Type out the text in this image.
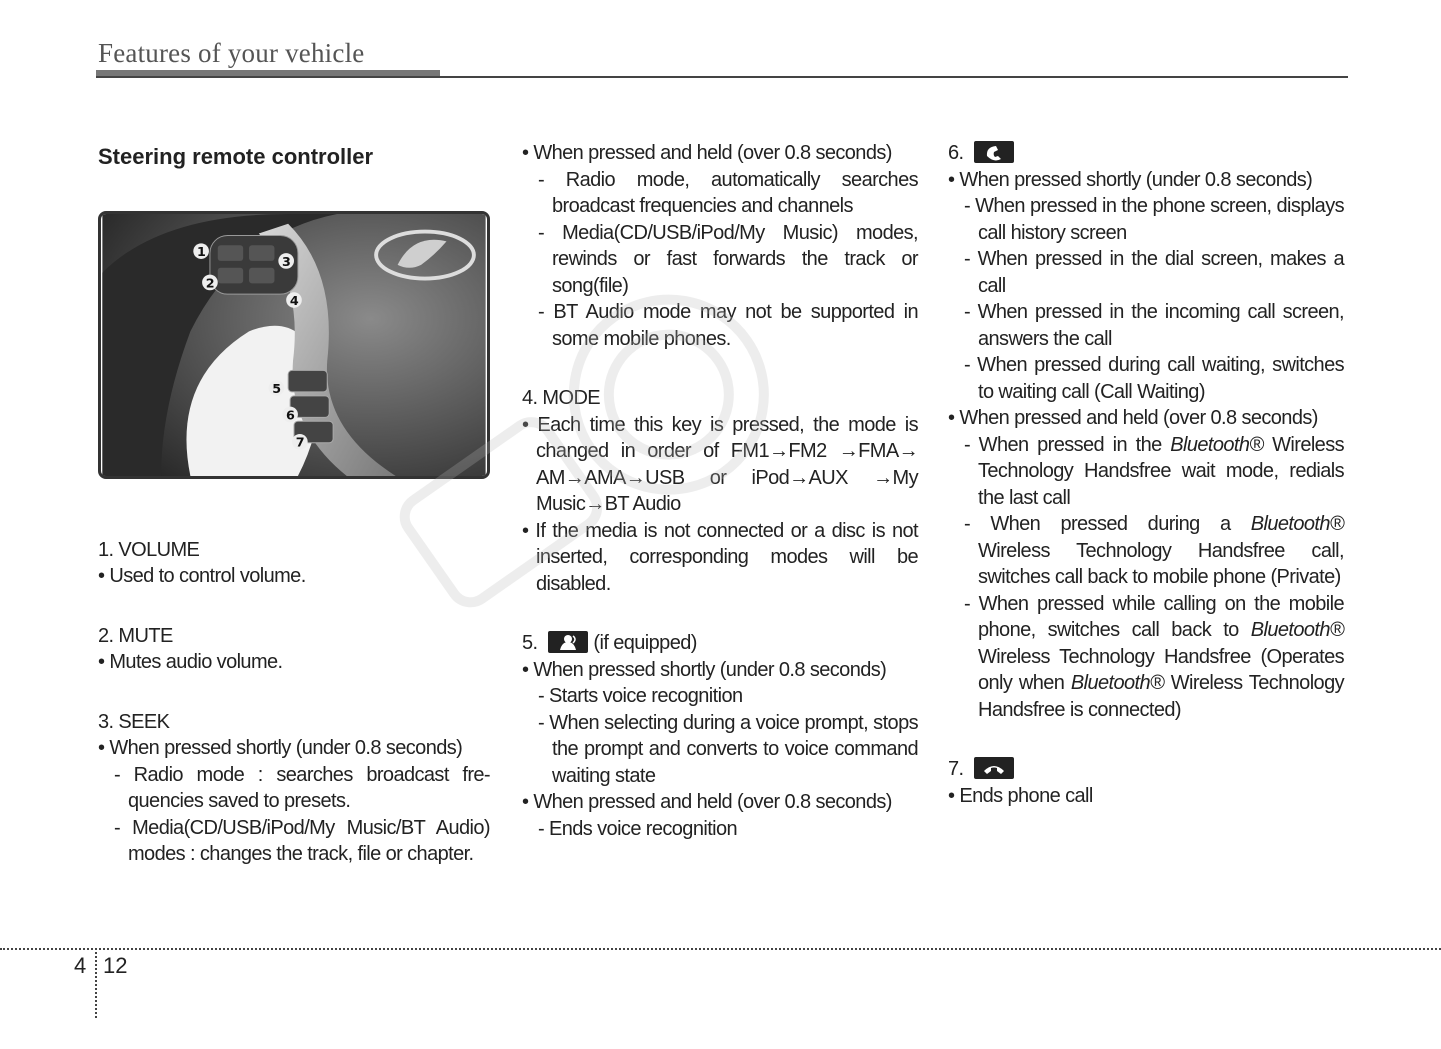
Features of your vehicle

Steering remote controller

1
2
3
4
5
6
7

1. VOLUME

• Used to control volume.

2. MUTE

• Mutes audio volume.

3. SEEK

• When pressed shortly (under 0.8 seconds)

- Radio mode : searches broadcast fre-quencies saved to presets.

- Media(CD/USB/iPod/My Music/BT Audio) modes : changes the track, file or chapter.

• When pressed and held (over 0.8 seconds)

- Radio mode, automatically searches broadcast frequencies and channels

- Media(CD/USB/iPod/My Music) modes, rewinds or fast forwards the track or song(file)

- BT Audio mode may not be supported in some mobile phones.

4. MODE

• Each time this key is pressed, the mode is changed in order of FM1→FM2 →FMA→ AM→AMA→USB or iPod→AUX →My Music→BT Audio

• If the media is not connected or a disc is not inserted, corresponding modes will be disabled.

5.	(if equipped)

• When pressed shortly (under 0.8 seconds)

- Starts voice recognition

- When selecting during a voice prompt, stops the prompt and converts to voice command waiting state

• When pressed and held (over 0.8 seconds)

- Ends voice recognition

6.

• When pressed shortly (under 0.8 seconds)

- When pressed in the phone screen, displays call history screen

- When pressed in the dial screen, makes a call

- When pressed in the incoming call screen, answers the call

- When pressed during call waiting, switches to waiting call (Call Waiting)

• When pressed and held (over 0.8 seconds)

- When pressed in the Bluetooth® Wireless Technology Handsfree wait mode, redials the last call

- When pressed during a Bluetooth® Wireless Technology Handsfree call, switches call back to mobile phone (Private)

- When pressed while calling on the mobile phone, switches call back to Bluetooth® Wireless Technology Handsfree (Operates only when Bluetooth® Wireless Technology Handsfree is connected)

7.

• Ends phone call

4 12
